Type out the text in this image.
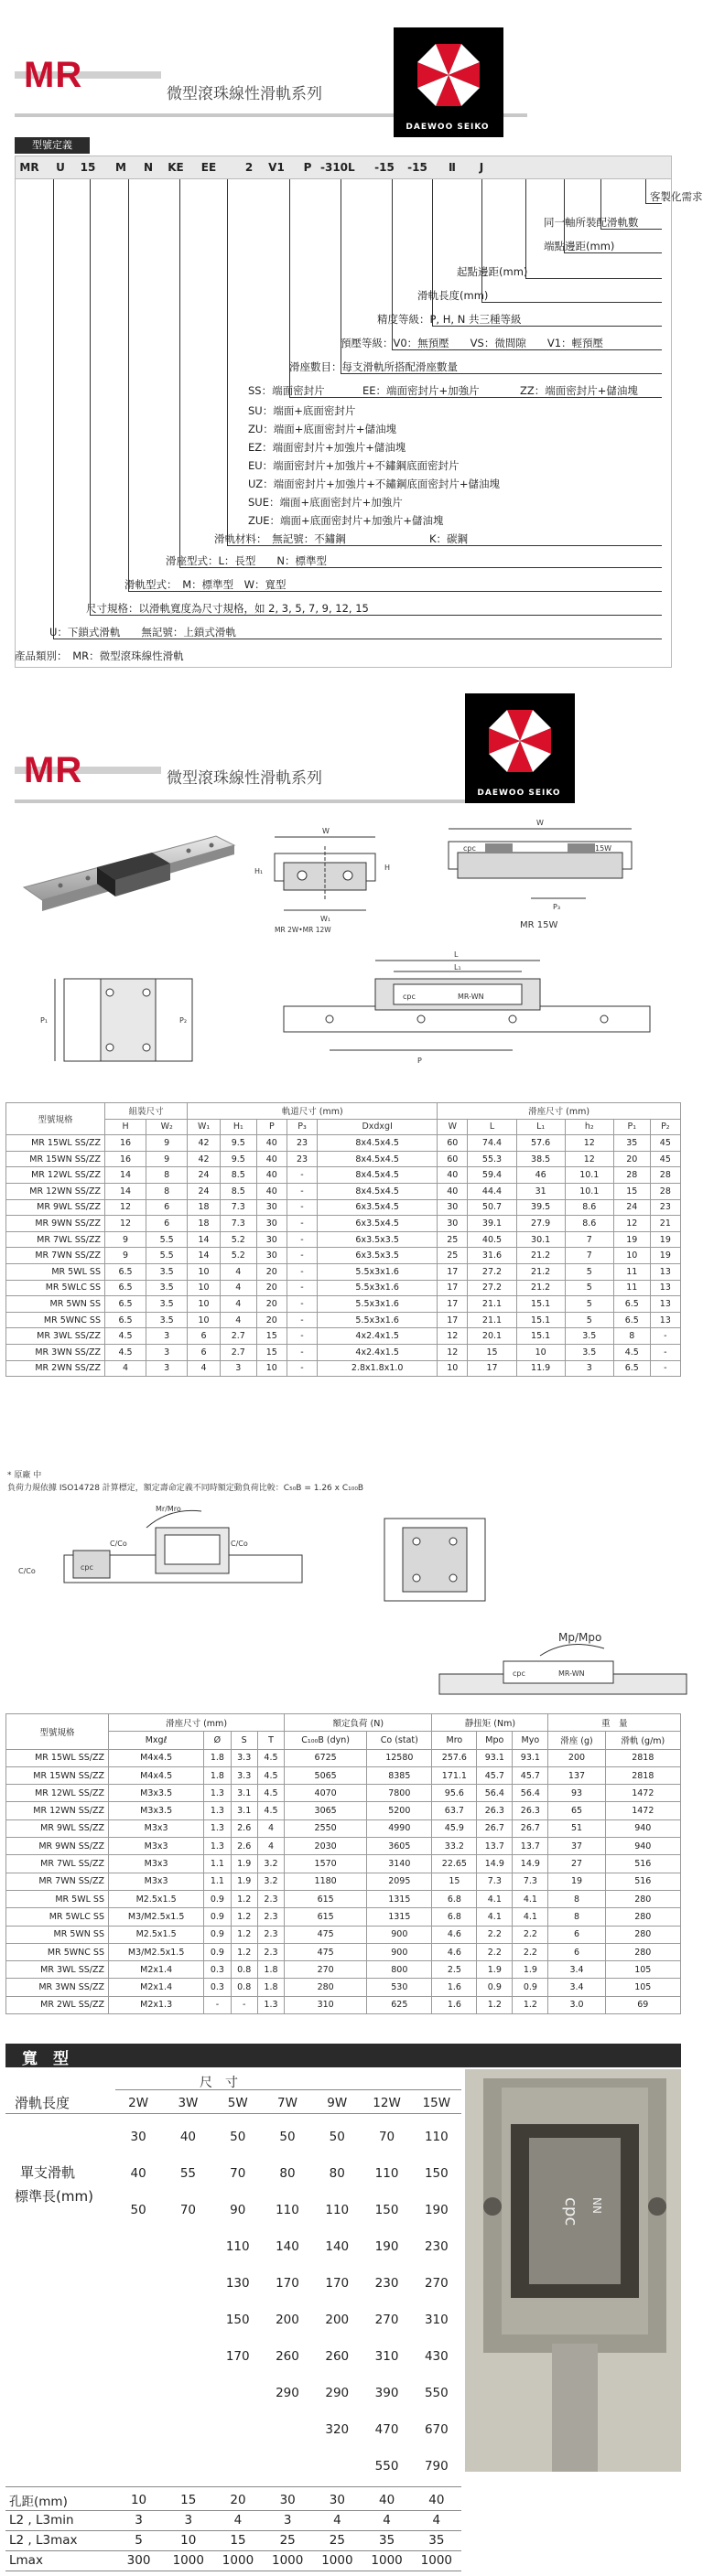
MR	微型滾珠線性滑軌系列
DAEWOO SEIKO
型號定義
MR	U	15	M	N	KE	EE	2	V1	P -310L	-15	-15	Ⅱ	J
客製化需求
同一軸所裝配滑軌數
端點邊距(mm)
起點邊距(mm)
滑軌長度(mm)
精度等級：P, H, N 共三種等級
預壓等級：V0：無預壓　　VS：微間隙　　V1：輕預壓
滑座數目：每支滑軌所搭配滑座數量
SS：端面密封片	EE：端面密封片+加強片	ZZ：端面密封片+儲油塊
SU：端面+底面密封片
ZU：端面+底面密封片+儲油塊
EZ：端面密封片+加強片+儲油塊
EU：端面密封片+加強片+不鏽鋼底面密封片
UZ：端面密封片+加強片+不鏽鋼底面密封片+儲油塊
SUE：端面+底面密封片+加強片
ZUE：端面+底面密封片+加強片+儲油塊
滑軌材料：　無記號：不鏽鋼	K：碳鋼
滑座型式：L：長型　　N：標準型
滑軌型式：　M：標準型　W：寬型
尺寸規格：以滑軌寬度為尺寸規格，如 2, 3, 5, 7, 9, 12, 15
U：下鎖式滑軌　　無記號：上鎖式滑軌
產品類別：　MR：微型滾珠線性滑軌
MR	微型滾珠線性滑軌系列
DAEWOO SEIKO
W
W₁
H₁	H
MR 2W•MR 12W
cpc	15W
W
P₃
MR 15W
P₁	P₂
cpc	MR-WN
L
L₁
P
型號規格	組裝尺寸		軌道尺寸 (mm)					滑座尺寸 (mm)					
	H	W₂	W₁	H₁	P	P₃	DxdxgI	W	L	L₁	h₂	P₁	P₂
MR 15WL SS/ZZ	16	9	42	9.5	40	23	8x4.5x4.5	60	74.4	57.6	12	35	45
MR 15WN SS/ZZ	16	9	42	9.5	40	23	8x4.5x4.5	60	55.3	38.5	12	20	45
MR 12WL SS/ZZ	14	8	24	8.5	40	-	8x4.5x4.5	40	59.4	46	10.1	28	28
MR 12WN SS/ZZ	14	8	24	8.5	40	-	8x4.5x4.5	40	44.4	31	10.1	15	28
MR 9WL SS/ZZ	12	6	18	7.3	30	-	6x3.5x4.5	30	50.7	39.5	8.6	24	23
MR 9WN SS/ZZ	12	6	18	7.3	30	-	6x3.5x4.5	30	39.1	27.9	8.6	12	21
MR 7WL SS/ZZ	9	5.5	14	5.2	30	-	6x3.5x3.5	25	40.5	30.1	7	19	19
MR 7WN SS/ZZ	9	5.5	14	5.2	30	-	6x3.5x3.5	25	31.6	21.2	7	10	19
MR 5WL SS	6.5	3.5	10	4	20	-	5.5x3x1.6	17	27.2	21.2	5	11	13
MR 5WLC SS	6.5	3.5	10	4	20	-	5.5x3x1.6	17	27.2	21.2	5	11	13
MR 5WN SS	6.5	3.5	10	4	20	-	5.5x3x1.6	17	21.1	15.1	5	6.5	13
MR 5WNC SS	6.5	3.5	10	4	20	-	5.5x3x1.6	17	21.1	15.1	5	6.5	13
MR 3WL SS/ZZ	4.5	3	6	2.7	15	-	4x2.4x1.5	12	20.1	15.1	3.5	8	-
MR 3WN SS/ZZ	4.5	3	6	2.7	15	-	4x2.4x1.5	12	15	10	3.5	4.5	-
MR 2WN SS/ZZ	4	3	4	3	10	-	2.8x1.8x1.0	10	17	11.9	3	6.5	-
* 原廠 中
負荷力規依據 ISO14728 計算標定，額定壽命定義不同時額定動負荷比較：C₅₀B = 1.26 x C₁₀₀B
Mr/Mro
C/Co	C/Co
C/Co	cpc
cpc	MR-WN
Mp/Mpo
型號規格	滑座尺寸 (mm)				額定負荷 (N)		靜扭矩 (Nm)			重　量	
	Mxgℓ	Ø	S	T	C₁₀₀B (dyn)	Co (stat)	Mro	Mpo	Myo	滑座 (g)	滑軌 (g/m)
MR 15WL SS/ZZ	M4x4.5	1.8	3.3	4.5	6725	12580	257.6	93.1	93.1	200	2818
MR 15WN SS/ZZ	M4x4.5	1.8	3.3	4.5	5065	8385	171.1	45.7	45.7	137	2818
MR 12WL SS/ZZ	M3x3.5	1.3	3.1	4.5	4070	7800	95.6	56.4	56.4	93	1472
MR 12WN SS/ZZ	M3x3.5	1.3	3.1	4.5	3065	5200	63.7	26.3	26.3	65	1472
MR 9WL SS/ZZ	M3x3	1.3	2.6	4	2550	4990	45.9	26.7	26.7	51	940
MR 9WN SS/ZZ	M3x3	1.3	2.6	4	2030	3605	33.2	13.7	13.7	37	940
MR 7WL SS/ZZ	M3x3	1.1	1.9	3.2	1570	3140	22.65	14.9	14.9	27	516
MR 7WN SS/ZZ	M3x3	1.1	1.9	3.2	1180	2095	15	7.3	7.3	19	516
MR 5WL SS	M2.5x1.5	0.9	1.2	2.3	615	1315	6.8	4.1	4.1	8	280
MR 5WLC SS	M3/M2.5x1.5	0.9	1.2	2.3	615	1315	6.8	4.1	4.1	8	280
MR 5WN SS	M2.5x1.5	0.9	1.2	2.3	475	900	4.6	2.2	2.2	6	280
MR 5WNC SS	M3/M2.5x1.5	0.9	1.2	2.3	475	900	4.6	2.2	2.2	6	280
MR 3WL SS/ZZ	M2x1.4	0.3	0.8	1.8	270	800	2.5	1.9	1.9	3.4	105
MR 3WN SS/ZZ	M2x1.4	0.3	0.8	1.8	280	530	1.6	0.9	0.9	3.4	105
MR 2WL SS/ZZ	M2x1.3	-	-	1.3	310	625	1.6	1.2	1.2	3.0	69
寬　型
尺　寸
滑軌長度
單支滑軌
標準長(mm)
2W	3W	5W	7W	9W	12W	15W
30	40	50	50	50	70	110
40	55	70	80	80	110	150
50	70	90	110	110	150	190
		110	140	140	190	230
		130	170	170	230	270
		150	200	200	270	310
		170	260	260	310	430
			290	290	390	550
				320	470	670
					550	790
孔距(mm)	10	15	20	30	30	40	40
L2 , L3min	3	3	4	3	4	4	4
L2 , L3max	5	10	15	25	25	35	35
Lmax	300	1000	1000	1000	1000	1000	1000
cpc NN
